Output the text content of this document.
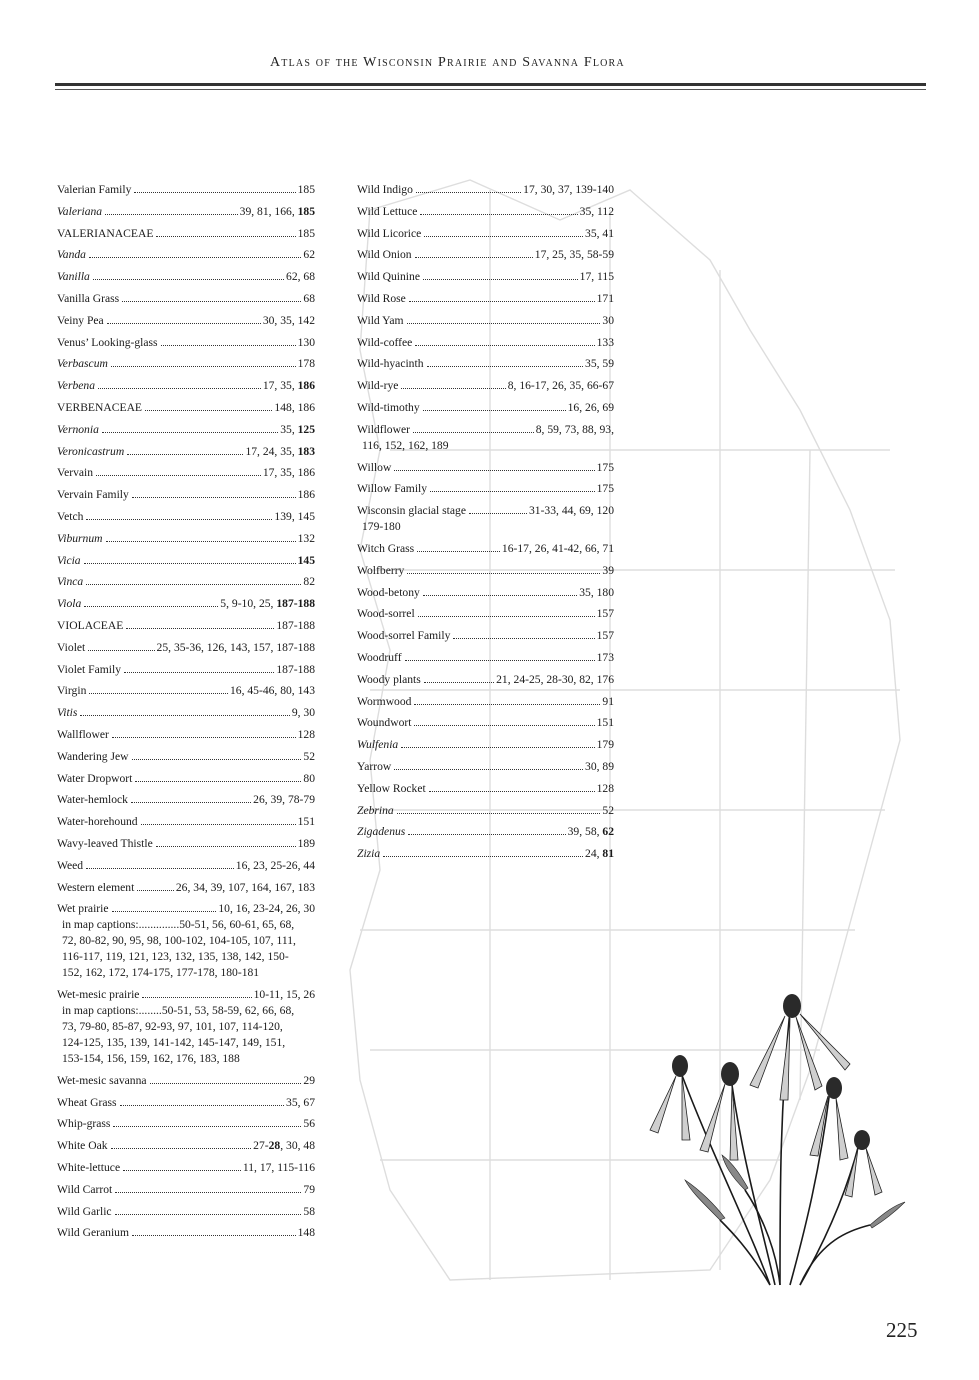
Atlas of the Wisconsin Prairie and Savanna Flora
Valerian Family	185
Valeriana	39, 81, 166, 185
VALERIANACEAE	185
Vanda	62
Vanilla	62, 68
Vanilla Grass	68
Veiny Pea	30, 35, 142
Venus’ Looking-glass	130
Verbascum	178
Verbena	17, 35, 186
VERBENACEAE	148, 186
Vernonia	35, 125
Veronicastrum	17, 24, 35, 183
Vervain	17, 35, 186
Vervain Family	186
Vetch	139, 145
Viburnum	132
Vicia	145
Vinca	82
Viola	5, 9-10, 25, 187-188
VIOLACEAE	187-188
Violet	25, 35-36, 126, 143, 157, 187-188
Violet Family	187-188
Virgin	16, 45-46, 80, 143
Vitis	9, 30
Wallflower	128
Wandering Jew	52
Water Dropwort	80
Water-hemlock	26, 39, 78-79
Water-horehound	151
Wavy-leaved Thistle	189
Weed	16, 23, 25-26, 44
Western element	26, 34, 39, 107, 164, 167, 183
Wet prairie	10, 16, 23-24, 26, 30
in map captions:..............50-51, 56, 60-61, 65, 68,
72, 80-82, 90, 95, 98, 100-102, 104-105, 107, 111,
116-117, 119, 121, 123, 132, 135, 138, 142, 150-
152, 162, 172, 174-175, 177-178, 180-181
Wet-mesic prairie	10-11, 15, 26
in map captions:........50-51, 53, 58-59, 62, 66, 68,
73, 79-80, 85-87, 92-93, 97, 101, 107, 114-120,
124-125, 135, 139, 141-142, 145-147, 149, 151,
153-154, 156, 159, 162, 176, 183, 188
Wet-mesic savanna	29
Wheat Grass	35, 67
Whip-grass	56
White Oak	27-28, 30, 48
White-lettuce	11, 17, 115-116
Wild Carrot	79
Wild Garlic	58
Wild Geranium	148
Wild Indigo	17, 30, 37, 139-140
Wild Lettuce	35, 112
Wild Licorice	35, 41
Wild Onion	17, 25, 35, 58-59
Wild Quinine	17, 115
Wild Rose	171
Wild Yam	30
Wild-coffee	133
Wild-hyacinth	35, 59
Wild-rye	8, 16-17, 26, 35, 66-67
Wild-timothy	16, 26, 69
Wildflower	8, 59, 73, 88, 93,
116, 152, 162, 189
Willow	175
Willow Family	175
Wisconsin glacial stage	31-33, 44, 69, 120
179-180
Witch Grass	16-17, 26, 41-42, 66, 71
Wolfberry	39
Wood-betony	35, 180
Wood-sorrel	157
Wood-sorrel Family	157
Woodruff	173
Woody plants	21, 24-25, 28-30, 82, 176
Wormwood	91
Woundwort	151
Wulfenia	179
Yarrow	30, 89
Yellow Rocket	128
Zebrina	52
Zigadenus	39, 58, 62
Zizia	24, 81
225
